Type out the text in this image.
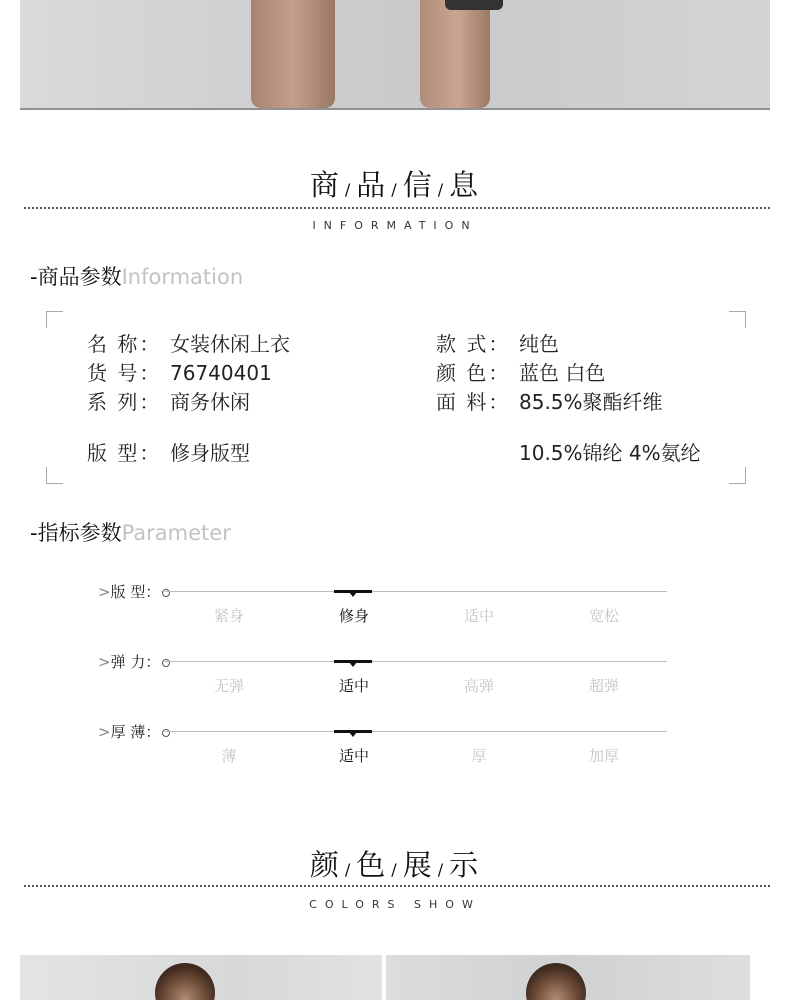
商 / 品 / 信 / 息
INFORMATION
-商品参数Information
名 称： 女装休闲上衣	款 式： 纯色
货 号： 76740401	颜 色： 蓝色 白色
系 列： 商务休闲	面 料： 85.5%聚酯纤维
版 型： 修身版型	10.5%锦纶 4%氨纶
-指标参数Parameter
>版 型：
紧身	修身	适中	宽松
>弹 力：
无弹	适中	高弹	超弹
>厚 薄：
薄	适中	厚	加厚
颜 / 色 / 展 / 示
COLORS SHOW
